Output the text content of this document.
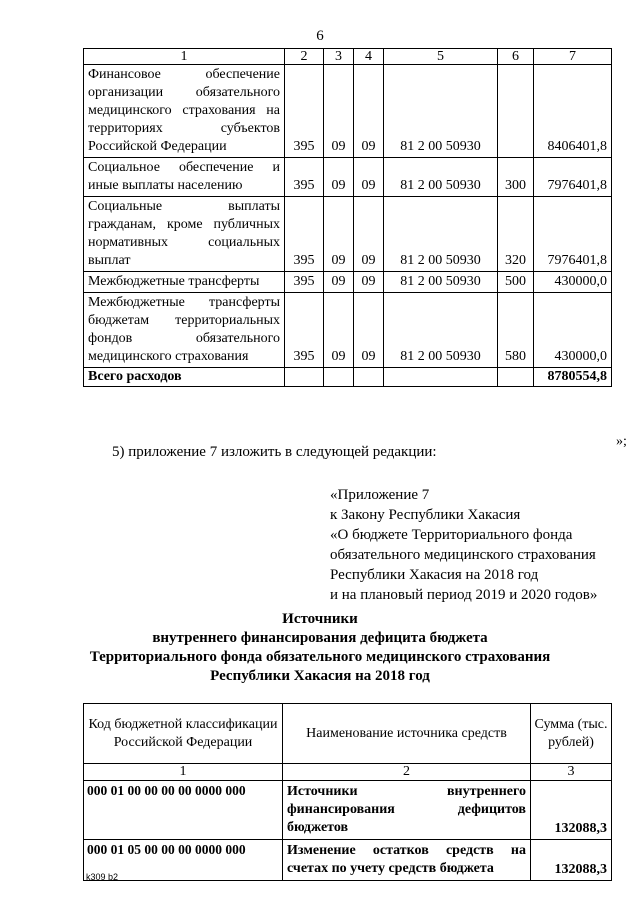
6
1	2	3	4	5	6	7
Финансовое обеспечение организации обязательного медицинского страхования на территориях субъектов Российской Федерации	395	09	09	81 2 00 50930		8406401,8
Социальное обеспечение и иные выплаты населению	395	09	09	81 2 00 50930	300	7976401,8
Социальные выплаты гражданам, кроме публичных нормативных социальных выплат	395	09	09	81 2 00 50930	320	7976401,8
Межбюджетные трансферты	395	09	09	81 2 00 50930	500	430000,0
Межбюджетные трансферты бюджетам территориальных фондов обязательного медицинского страхования	395	09	09	81 2 00 50930	580	430000,0
Всего расходов						8780554,8
»;
5) приложение 7 изложить в следующей редакции:
«Приложение 7
к Закону Республики Хакасия
«О бюджете Территориального фонда
обязательного медицинского страхования
Республики Хакасия на 2018 год
и на плановый период 2019 и 2020 годов»
Источники
внутреннего финансирования дефицита бюджета
Территориального фонда обязательного медицинского страхования
Республики Хакасия на 2018 год
Код бюджетной классификации Российской Федерации	Наименование источника средств	Сумма (тыс. рублей)
1	2	3
000 01 00 00 00 00 0000 000	Источники внутреннего финансирования дефицитов бюджетов	132088,3
000 01 05 00 00 00 0000 000	Изменение остатков средств на счетах по учету средств бюджета	132088,3
k309 b2
